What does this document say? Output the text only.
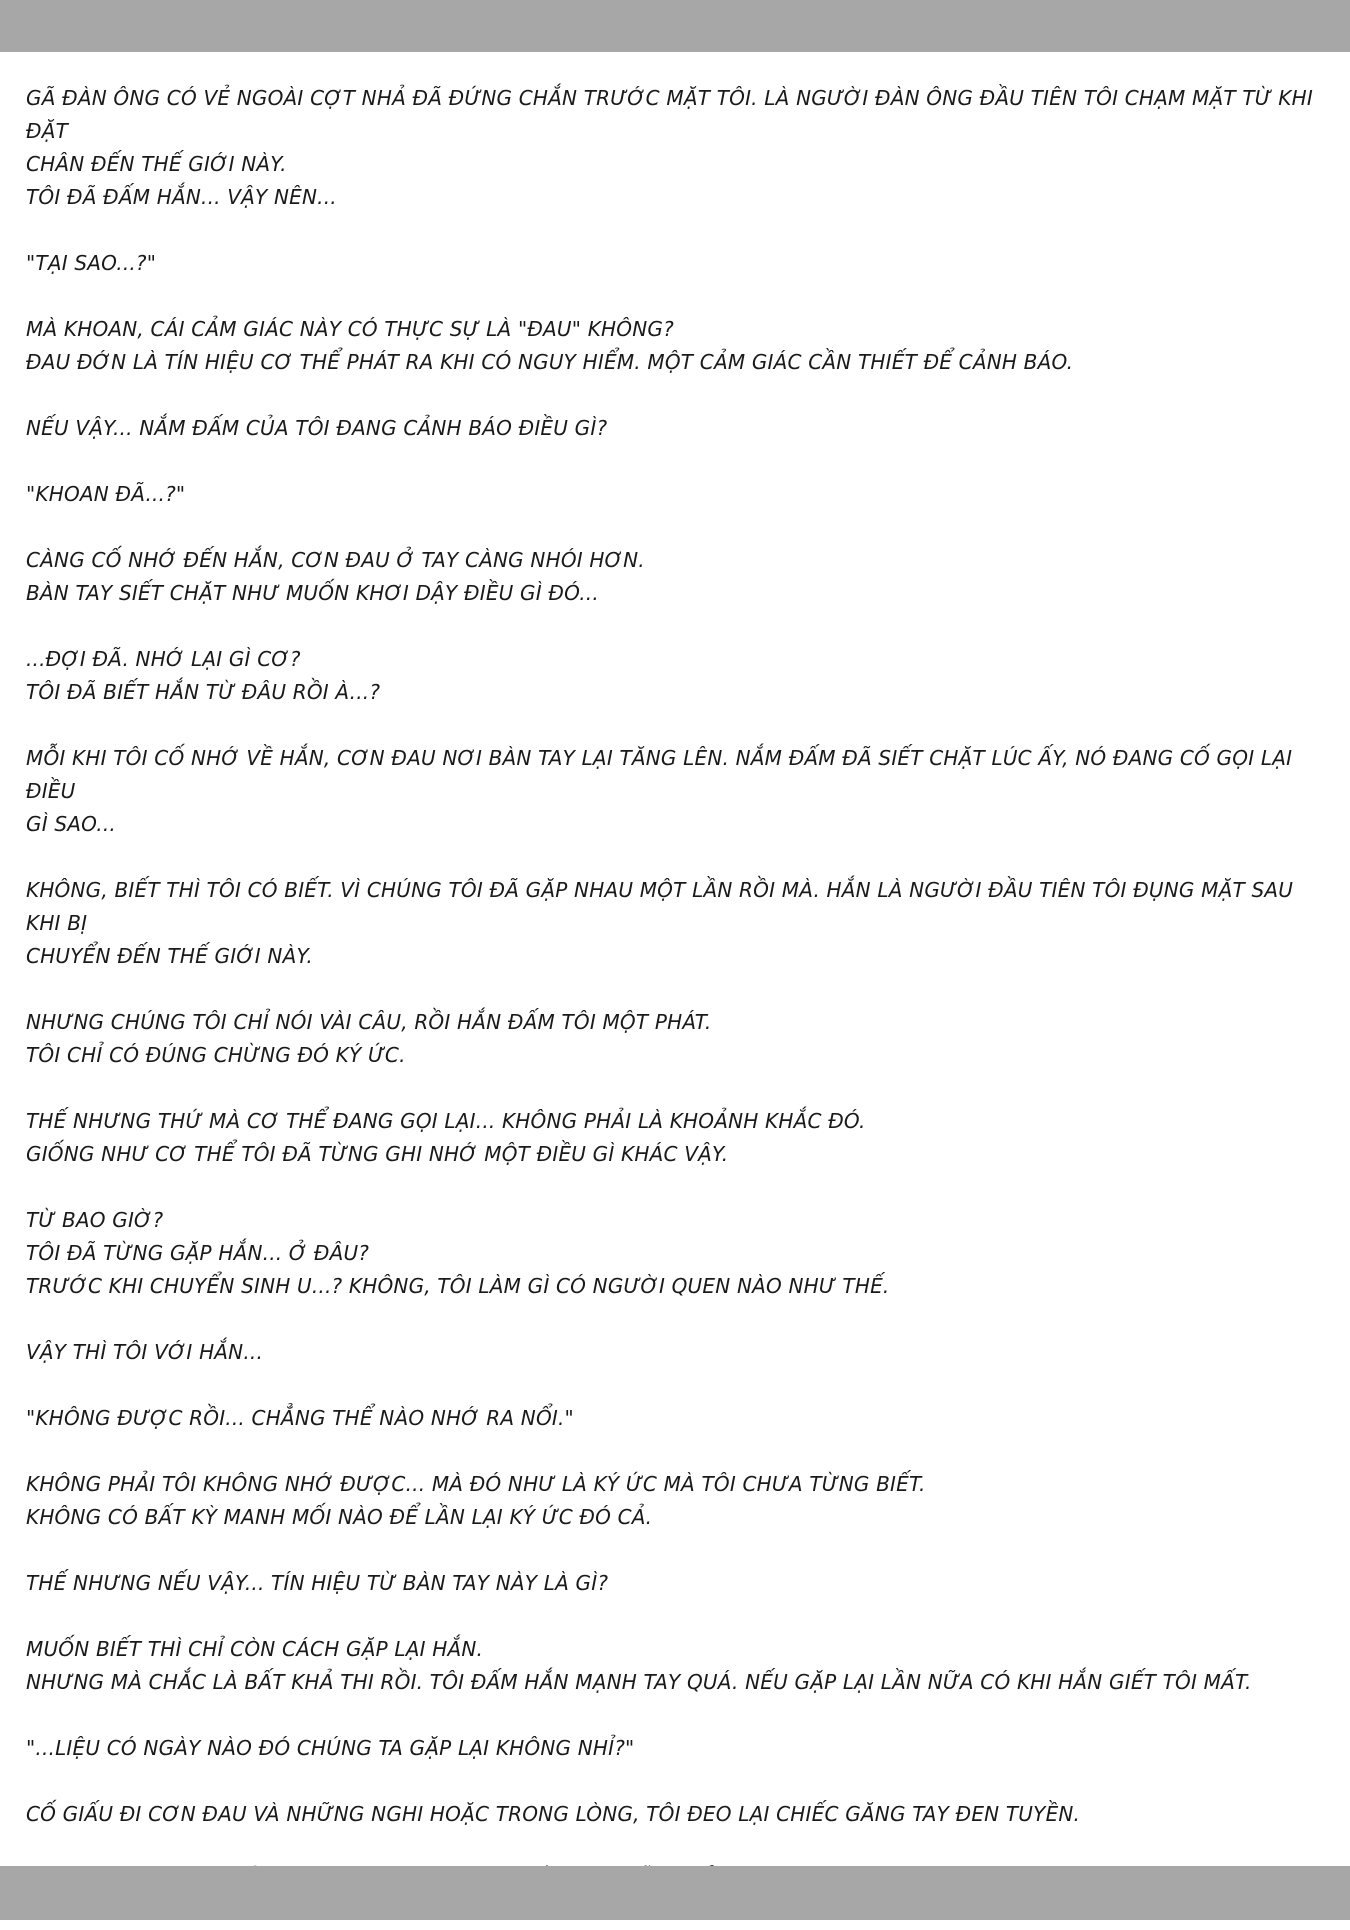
GÃ ĐÀN ÔNG CÓ VẺ NGOÀI CỢT NHẢ ĐÃ ĐỨNG CHẮN TRƯỚC MẶT TÔI. LÀ NGƯỜI ĐÀN ÔNG ĐẦU TIÊN TÔI CHẠM MẶT TỪ KHI ĐẶT
CHÂN ĐẾN THẾ GIỚI NÀY.
TÔI ĐÃ ĐẤM HẮN... VẬY NÊN...
"TẠI SAO...?"
MÀ KHOAN, CÁI CẢM GIÁC NÀY CÓ THỰC SỰ LÀ "ĐAU" KHÔNG?
ĐAU ĐỚN LÀ TÍN HIỆU CƠ THỂ PHÁT RA KHI CÓ NGUY HIỂM. MỘT CẢM GIÁC CẦN THIẾT ĐỂ CẢNH BÁO.
NẾU VẬY... NẮM ĐẤM CỦA TÔI ĐANG CẢNH BÁO ĐIỀU GÌ?
"KHOAN ĐÃ...?"
CÀNG CỐ NHỚ ĐẾN HẮN, CƠN ĐAU Ở TAY CÀNG NHÓI HƠN.
BÀN TAY SIẾT CHẶT NHƯ MUỐN KHƠI DẬY ĐIỀU GÌ ĐÓ...
...ĐỢI ĐÃ. NHỚ LẠI GÌ CƠ?
TÔI ĐÃ BIẾT HẮN TỪ ĐÂU RỒI À...?
MỖI KHI TÔI CỐ NHỚ VỀ HẮN, CƠN ĐAU NƠI BÀN TAY LẠI TĂNG LÊN. NẮM ĐẤM ĐÃ SIẾT CHẶT LÚC ẤY, NÓ ĐANG CỐ GỌI LẠI ĐIỀU
GÌ SAO...
KHÔNG, BIẾT THÌ TÔI CÓ BIẾT. VÌ CHÚNG TÔI ĐÃ GẶP NHAU MỘT LẦN RỒI MÀ. HẮN LÀ NGƯỜI ĐẦU TIÊN TÔI ĐỤNG MẶT SAU KHI BỊ
CHUYỂN ĐẾN THẾ GIỚI NÀY.
NHƯNG CHÚNG TÔI CHỈ NÓI VÀI CÂU, RỒI HẮN ĐẤM TÔI MỘT PHÁT.
TÔI CHỈ CÓ ĐÚNG CHỪNG ĐÓ KÝ ỨC.
THẾ NHƯNG THỨ MÀ CƠ THỂ ĐANG GỌI LẠI... KHÔNG PHẢI LÀ KHOẢNH KHẮC ĐÓ.
GIỐNG NHƯ CƠ THỂ TÔI ĐÃ TỪNG GHI NHỚ MỘT ĐIỀU GÌ KHÁC VẬY.
TỪ BAO GIỜ?
TÔI ĐÃ TỪNG GẶP HẮN... Ở ĐÂU?
TRƯỚC KHI CHUYỂN SINH U...? KHÔNG, TÔI LÀM GÌ CÓ NGƯỜI QUEN NÀO NHƯ THẾ.
VẬY THÌ TÔI VỚI HẮN...
"KHÔNG ĐƯỢC RỒI... CHẲNG THỂ NÀO NHỚ RA NỔI."
KHÔNG PHẢI TÔI KHÔNG NHỚ ĐƯỢC... MÀ ĐÓ NHƯ LÀ KÝ ỨC MÀ TÔI CHƯA TỪNG BIẾT.
KHÔNG CÓ BẤT KỲ MANH MỐI NÀO ĐỂ LẦN LẠI KÝ ỨC ĐÓ CẢ.
THẾ NHƯNG NẾU VẬY... TÍN HIỆU TỪ BÀN TAY NÀY LÀ GÌ?
MUỐN BIẾT THÌ CHỈ CÒN CÁCH GẶP LẠI HẮN.
NHƯNG MÀ CHẮC LÀ BẤT KHẢ THI RỒI. TÔI ĐẤM HẮN MẠNH TAY QUÁ. NẾU GẶP LẠI LẦN NỮA CÓ KHI HẮN GIẾT TÔI MẤT.
"...LIỆU CÓ NGÀY NÀO ĐÓ CHÚNG TA GẶP LẠI KHÔNG NHỈ?"
CỐ GIẤU ĐI CƠN ĐAU VÀ NHỮNG NGHI HOẶC TRONG LÒNG, TÔI ĐEO LẠI CHIẾC GĂNG TAY ĐEN TUYỀN.
